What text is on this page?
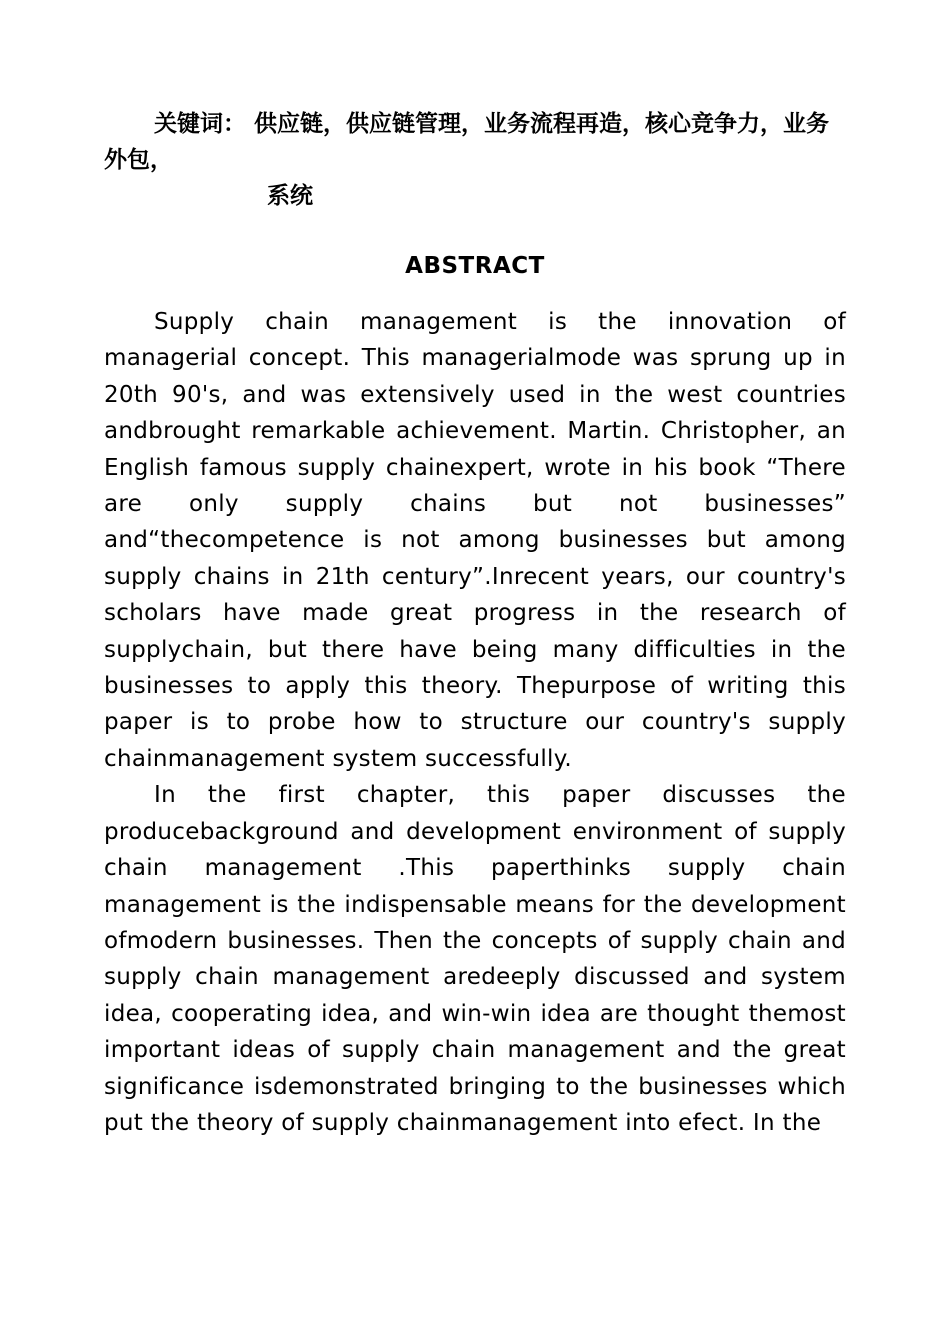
关键词： 供应链，供应链管理，业务流程再造，核心竞争力，业务外包，

系统

ABSTRACT

Supply chain management is the innovation of managerial concept. This managerialmode was sprung up in 20th 90's, and was extensively used in the west countries andbrought remarkable achievement. Martin. Christopher, an English famous supply chainexpert, wrote in his book “There are only supply chains but not businesses” and“thecompetence is not among businesses but among supply chains in 21th century”.Inrecent years, our country's scholars have made great progress in the research of supplychain, but there have being many difficulties in the businesses to apply this theory. Thepurpose of writing this paper is to probe how to structure our country's supply chainmanagement system successfully.

In the first chapter, this paper discusses the producebackground and development environment of supply chain management .This paperthinks supply chain management is the indispensable means for the development ofmodern businesses. Then the concepts of supply chain and supply chain management aredeeply discussed and system idea, cooperating idea, and win-win idea are thought themost important ideas of supply chain management and the great significance isdemonstrated bringing to the businesses which put the theory of supply chainmanagement into efect. In the
